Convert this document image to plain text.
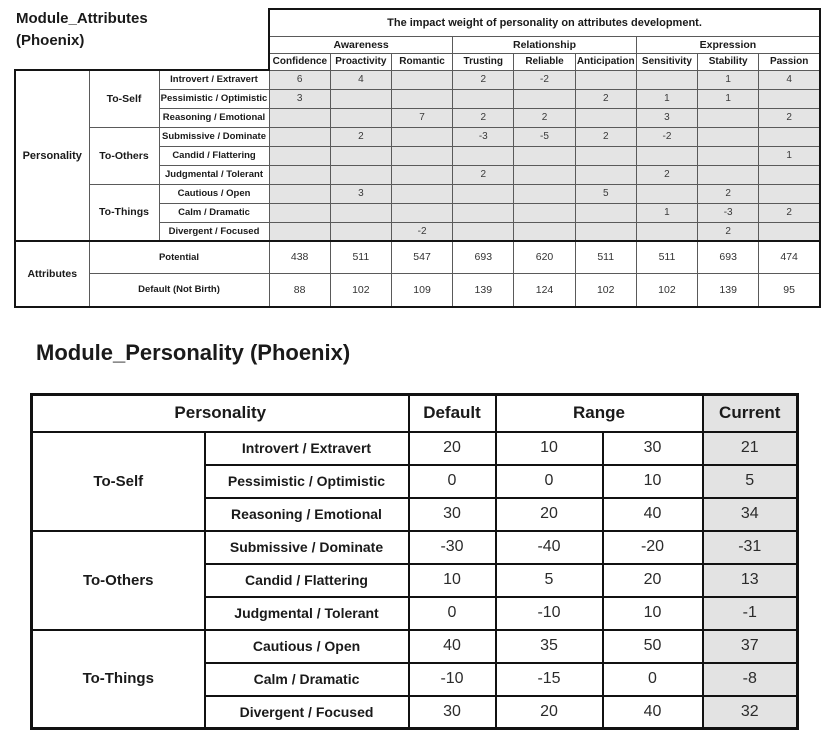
Module_Attributes
(Phoenix)
			The impact weight of personality on attributes development.								
			Awareness			Relationship			Expression		
			Confidence	Proactivity	Romantic	Trusting	Reliable	Anticipation	Sensitivity	Stability	Passion
Personality	To-Self	Introvert / Extravert	6	4		2	-2			1	4
		Pessimistic / Optimistic	3					2	1	1	
		Reasoning / Emotional			7	2	2		3		2
	To-Others	Submissive / Dominate		2		-3	-5	2	-2		
		Candid / Flattering									1
		Judgmental / Tolerant				2			2		
	To-Things	Cautious / Open		3				5		2	
		Calm / Dramatic							1	-3	2
		Divergent / Focused			-2					2	
Attributes	Potential		438	511	547	693	620	511	511	693	474
	Default (Not Birth)		88	102	109	139	124	102	102	139	95
Module_Personality (Phoenix)
Personality		Default	Range		Current
To-Self	Introvert / Extravert	20	10	30	21
	Pessimistic / Optimistic	0	0	10	5
	Reasoning / Emotional	30	20	40	34
To-Others	Submissive / Dominate	-30	-40	-20	-31
	Candid / Flattering	10	5	20	13
	Judgmental / Tolerant	0	-10	10	-1
To-Things	Cautious / Open	40	35	50	37
	Calm / Dramatic	-10	-15	0	-8
	Divergent / Focused	30	20	40	32
